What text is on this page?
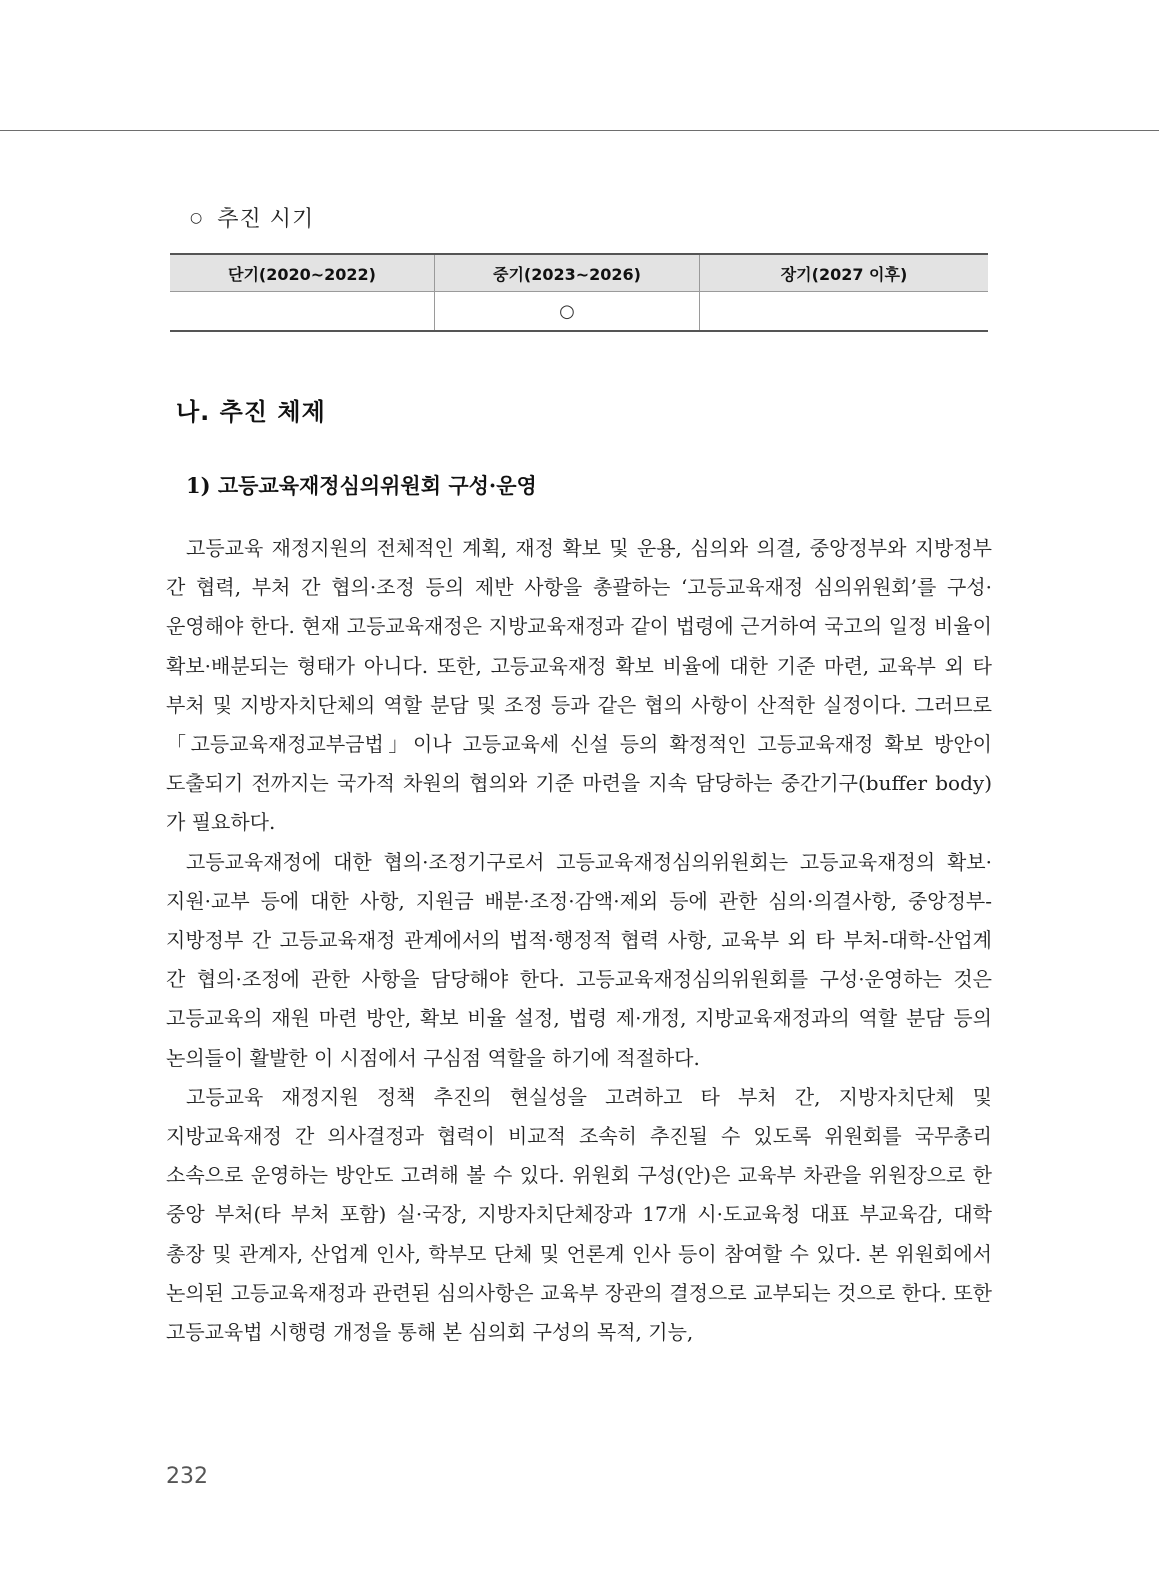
○ 추진 시기
단기(2020~2022)	중기(2023~2026)	장기(2027 이후)
	○	
나. 추진 체제
1) 고등교육재정심의위원회 구성·운영

고등교육 재정지원의 전체적인 계획, 재정 확보 및 운용, 심의와 의결, 중앙정부와 지방정부 간 협력, 부처 간 협의·조정 등의 제반 사항을 총괄하는 ‘고등교육재정 심의위원회’를 구성·운영해야 한다. 현재 고등교육재정은 지방교육재정과 같이 법령에 근거하여 국고의 일정 비율이 확보·배분되는 형태가 아니다. 또한, 고등교육재정 확보 비율에 대한 기준 마련, 교육부 외 타 부처 및 지방자치단체의 역할 분담 및 조정 등과 같은 협의 사항이 산적한 실정이다. 그러므로 「고등교육재정교부금법」이나 고등교육세 신설 등의 확정적인 고등교육재정 확보 방안이 도출되기 전까지는 국가적 차원의 협의와 기준 마련을 지속 담당하는 중간기구(buffer body)가 필요하다.

고등교육재정에 대한 협의·조정기구로서 고등교육재정심의위원회는 고등교육재정의 확보·지원·교부 등에 대한 사항, 지원금 배분·조정·감액·제외 등에 관한 심의·의결사항, 중앙정부-지방정부 간 고등교육재정 관계에서의 법적·행정적 협력 사항, 교육부 외 타 부처-대학-산업계 간 협의·조정에 관한 사항을 담당해야 한다. 고등교육재정심의위원회를 구성·운영하는 것은 고등교육의 재원 마련 방안, 확보 비율 설정, 법령 제·개정, 지방교육재정과의 역할 분담 등의 논의들이 활발한 이 시점에서 구심점 역할을 하기에 적절하다.

고등교육 재정지원 정책 추진의 현실성을 고려하고 타 부처 간, 지방자치단체 및 지방교육재정 간 의사결정과 협력이 비교적 조속히 추진될 수 있도록 위원회를 국무총리 소속으로 운영하는 방안도 고려해 볼 수 있다. 위원회 구성(안)은 교육부 차관을 위원장으로 한 중앙 부처(타 부처 포함) 실·국장, 지방자치단체장과 17개 시·도교육청 대표 부교육감, 대학 총장 및 관계자, 산업계 인사, 학부모 단체 및 언론계 인사 등이 참여할 수 있다. 본 위원회에서 논의된 고등교육재정과 관련된 심의사항은 교육부 장관의 결정으로 교부되는 것으로 한다. 또한 고등교육법 시행령 개정을 통해 본 심의회 구성의 목적, 기능,

232
